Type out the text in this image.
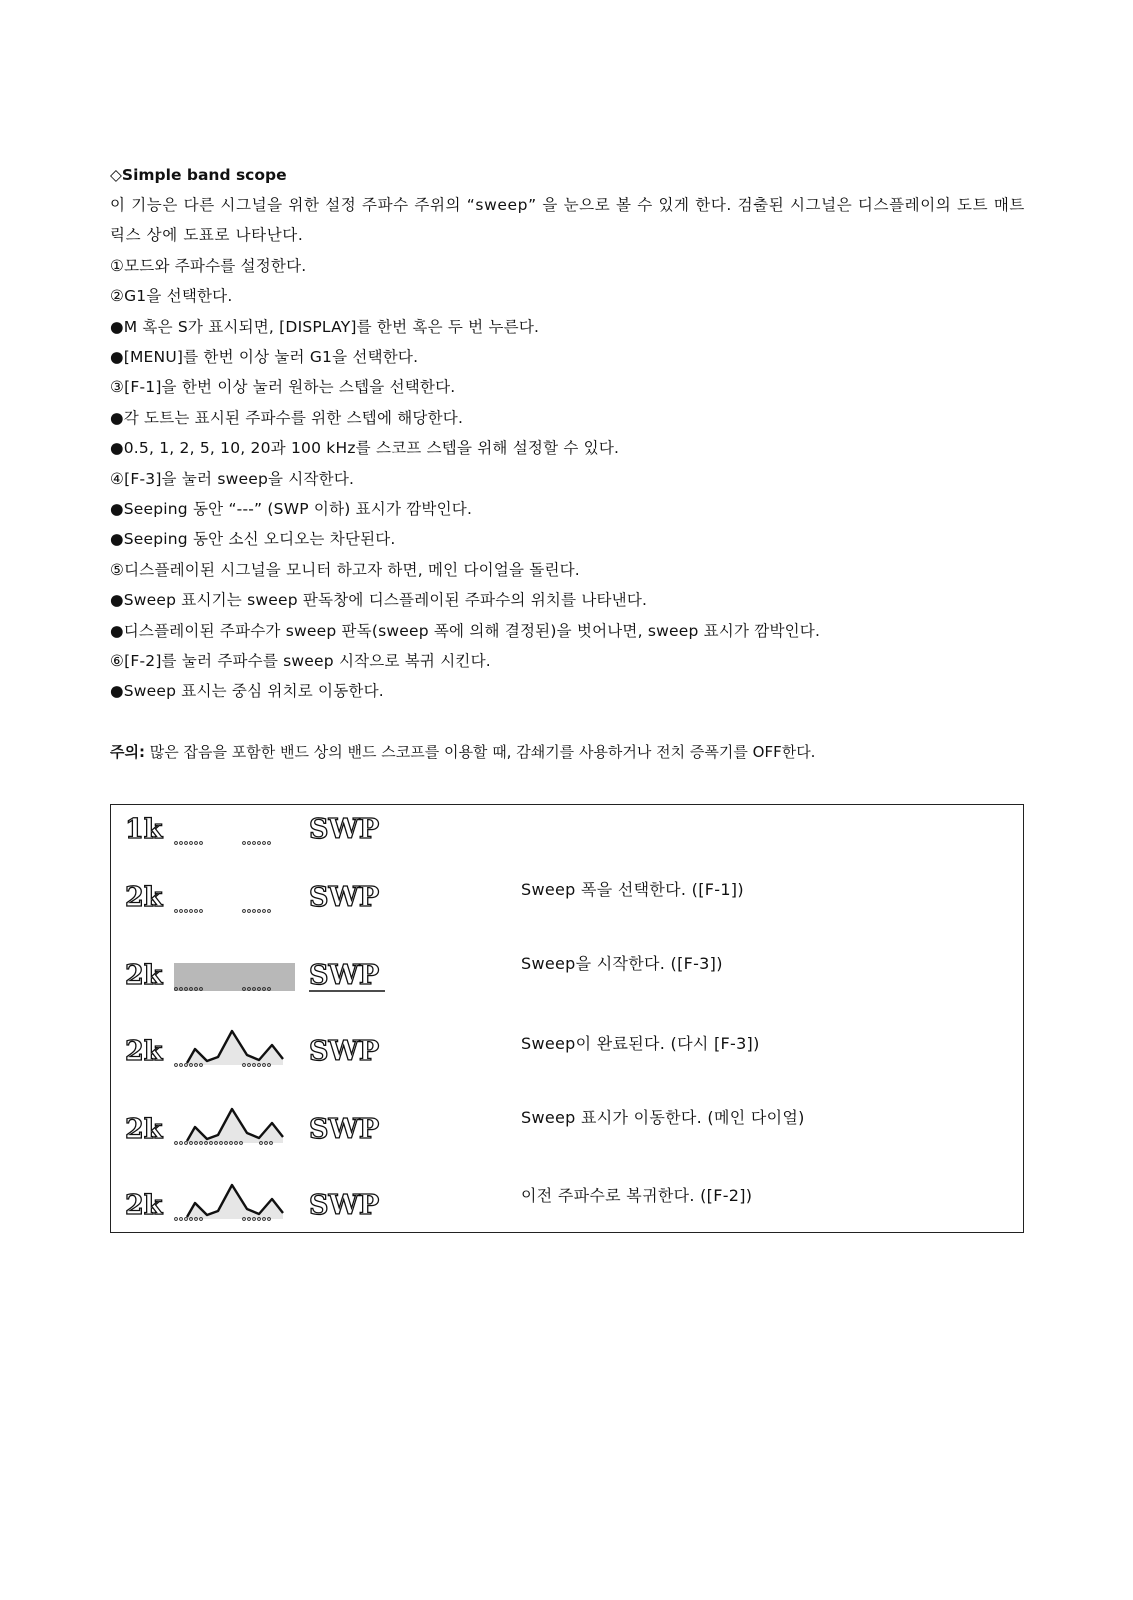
◇Simple band scope
이 기능은 다른 시그널을 위한 설정 주파수 주위의 “sweep” 을 눈으로 볼 수 있게 한다. 검출된 시그널은 디스플레이의 도트 매트릭스 상에 도표로 나타난다.
①모드와 주파수를 설정한다.
②G1을 선택한다.
●M 혹은 S가 표시되면, [DISPLAY]를 한번 혹은 두 번 누른다.
●[MENU]를 한번 이상 눌러 G1을 선택한다.
③[F-1]을 한번 이상 눌러 원하는 스텝을 선택한다.
●각 도트는 표시된 주파수를 위한 스텝에 해당한다.
●0.5, 1, 2, 5, 10, 20과 100 kHz를 스코프 스텝을 위해 설정할 수 있다.
④[F-3]을 눌러 sweep을 시작한다.
●Seeping 동안 “---” (SWP 이하) 표시가 깜박인다.
●Seeping 동안 소신 오디오는 차단된다.
⑤디스플레이된 시그널을 모니터 하고자 하면, 메인 다이얼을 돌린다.
●Sweep 표시기는 sweep 판독창에 디스플레이된 주파수의 위치를 나타낸다.
●디스플레이된 주파수가 sweep 판독(sweep 폭에 의해 결정된)을 벗어나면, sweep 표시가 깜박인다.
⑥[F-2]를 눌러 주파수를 sweep 시작으로 복귀 시킨다.
●Sweep 표시는 중심 위치로 이동한다.
주의: 많은 잡음을 포함한 밴드 상의 밴드 스코프를 이용할 때, 감쇄기를 사용하거나 전치 증폭기를 OFF한다.
1k	SWP
2k	SWP	Sweep 폭을 선택한다. ([F-1])
2k	SWP	Sweep을 시작한다. ([F-3])
2k	SWP	Sweep이 완료된다. (다시 [F-3])
2k	SWP	Sweep 표시가 이동한다. (메인 다이얼)
2k	SWP	이전 주파수로 복귀한다. ([F-2])
